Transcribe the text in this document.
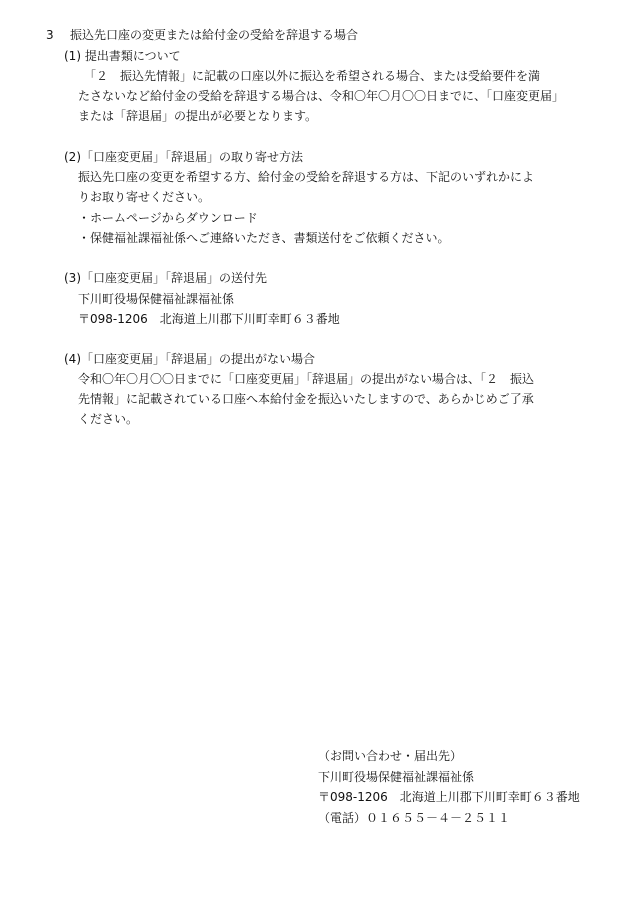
3 振込先口座の変更または給付金の受給を辞退する場合
(1) 提出書類について
「２　振込先情報」に記載の口座以外に振込を希望される場合、または受給要件を満
たさないなど給付金の受給を辞退する場合は、令和〇年〇月〇〇日までに、「口座変更届」
または「辞退届」の提出が必要となります。
(2)「口座変更届」「辞退届」の取り寄せ方法
振込先口座の変更を希望する方、給付金の受給を辞退する方は、下記のいずれかによ
りお取り寄せください。
・ホームページからダウンロード
・保健福祉課福祉係へご連絡いただき、書類送付をご依頼ください。
(3)「口座変更届」「辞退届」の送付先
下川町役場保健福祉課福祉係
〒098-1206　北海道上川郡下川町幸町６３番地
(4)「口座変更届」「辞退届」の提出がない場合
令和〇年〇月〇〇日までに「口座変更届」「辞退届」の提出がない場合は、「２　振込
先情報」に記載されている口座へ本給付金を振込いたしますので、あらかじめご了承
ください。
（お問い合わせ・届出先）
下川町役場保健福祉課福祉係
〒098-1206　北海道上川郡下川町幸町６３番地
（電話）０１６５５－４－２５１１
